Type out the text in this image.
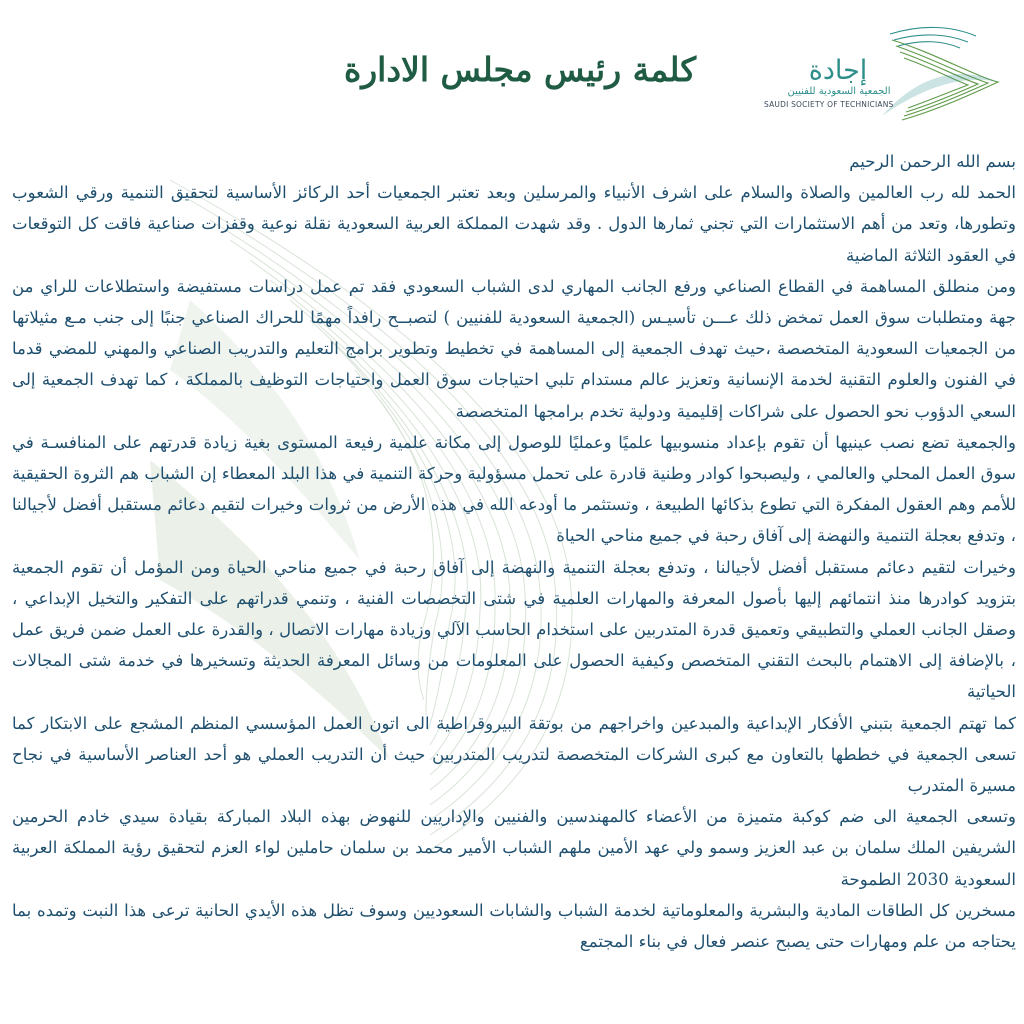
كلمة رئيس مجلس الادارة	إجادة
الجمعية السعودية للفنيين
SAUDI SOCIETY OF TECHNICIANS

بسم الله الرحمن الرحيم

الحمد لله رب العالمين والصلاة والسلام على اشرف الأنبياء والمرسلين وبعد تعتبر الجمعيات أحد الركائز الأساسية لتحقيق التنمية ورقي الشعوب وتطورها، وتعد من أهم الاستثمارات التي تجني ثمارها الدول . وقد شهدت المملكة العربية السعودية نقلة نوعية وقفزات صناعية فاقت كل التوقعات في العقود الثلاثة الماضية

ومن منطلق المساهمة في القطاع الصناعي ورفع الجانب المهاري لدى الشباب السعودي فقد تم عمل دراسات مستفيضة واستطلاعات للراي من جهة ومتطلبات سوق العمل تمخض ذلك عـــن تأسيـس (الجمعية السعودية للفنيين ) لتصبــح رافداً مهمًا للحراك الصناعي جنبًا إلى جنب مـع مثيلاتها من الجمعيات السعودية المتخصصة ،حيث تهدف الجمعية إلى المساهمة في تخطيط وتطوير برامج التعليم والتدريب الصناعي والمهني للمضي قدما في الفنون والعلوم التقنية لخدمة الإنسانية وتعزيز عالم مستدام تلبي احتياجات سوق العمل واحتياجات التوظيف بالمملكة ، كما تهدف الجمعية إلى السعي الدؤوب نحو الحصول على شراكات إقليمية ودولية تخدم برامجها المتخصصة

والجمعية تضع نصب عينيها أن تقوم بإعداد منسوبيها علميًا وعمليًا للوصول إلى مكانة علمية رفيعة المستوى بغية زيادة قدرتهم على المنافسـة في سوق العمل المحلي والعالمي ، وليصبحوا كوادر وطنية قادرة على تحمل مسؤولية وحركة التنمية في هذا البلد المعطاء إن الشباب هم الثروة الحقيقية للأمم وهم العقول المفكرة التي تطوع بذكائها الطبيعة ، وتستثمر ما أودعه الله في هذه الأرض من ثروات وخيرات لتقيم دعائم مستقبل أفضل لأجيالنا ، وتدفع بعجلة التنمية والنهضة إلى آفاق رحبة في جميع مناحي الحياة

وخيرات لتقيم دعائم مستقبل أفضل لأجيالنا ، وتدفع بعجلة التنمية والنهضة إلى آفاق رحبة في جميع مناحي الحياة ومن المؤمل أن تقوم الجمعية بتزويد كوادرها منذ انتمائهم إليها بأصول المعرفة والمهارات العلمية في شتى التخصصات الفنية ، وتنمي قدراتهم على التفكير والتخيل الإبداعي ، وصقل الجانب العملي والتطبيقي وتعميق قدرة المتدربين على استخدام الحاسب الآلي وزيادة مهارات الاتصال ، والقدرة على العمل ضمن فريق عمل ، بالإضافة إلى الاهتمام بالبحث التقني المتخصص وكيفية الحصول على المعلومات من وسائل المعرفة الحديثة وتسخيرها في خدمة شتى المجالات الحياتية

كما تهتم الجمعية بتبني الأفكار الإبداعية والمبدعين واخراجهم من بوتقة البيروقراطية الى اتون العمل المؤسسي المنظم المشجع على الابتكار كما تسعى الجمعية في خططها بالتعاون مع كبرى الشركات المتخصصة لتدريب المتدربين حيث أن التدريب العملي هو أحد العناصر الأساسية في نجاح مسيرة المتدرب

وتسعى الجمعية الى ضم كوكبة متميزة من الأعضاء كالمهندسين والفنيين والإداريين للنهوض بهذه البلاد المباركة بقيادة سيدي خادم الحرمين الشريفين الملك سلمان بن عبد العزيز وسمو ولي عهد الأمين ملهم الشباب الأمير محمد بن سلمان حاملين لواء العزم لتحقيق رؤية المملكة العربية السعودية 2030 الطموحة

مسخرين كل الطاقات المادية والبشرية والمعلوماتية لخدمة الشباب والشابات السعوديين وسوف تظل هذه الأيدي الحانية ترعى هذا النبت وتمده بما يحتاجه من علم ومهارات حتى يصبح عنصر فعال في بناء المجتمع
